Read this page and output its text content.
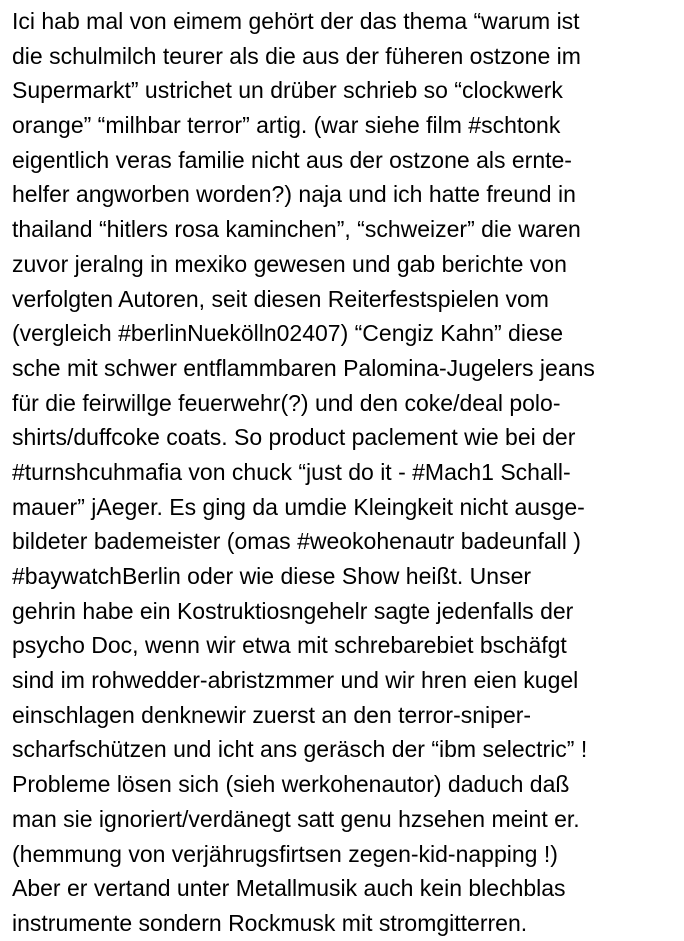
Ici hab mal von eimem gehört der das thema “warum ist
die schulmilch teurer als die aus der füheren ostzone im
Supermarkt” ustrichet un drüber schrieb so “clockwerk
orange” “milhbar terror” artig. (war siehe film #schtonk
eigentlich veras familie nicht aus der ostzone als ernte-
helfer angworben worden?) naja und ich hatte freund in
thailand “hitlers rosa kaminchen”, “schweizer” die waren
zuvor jeralng in mexiko gewesen und gab berichte von
verfolgten Autoren, seit diesen Reiterfestspielen vom
(vergleich #berlinNuekölln02407) “Cengiz Kahn” diese
sche mit schwer entflammbaren Palomina-Jugelers jeans
für die feirwillge feuerwehr(?) und den coke/deal polo-
shirts/duffcoke coats. So product paclement wie bei der
#turnshcuhmafia von chuck “just do it - #Mach1 Schall-
mauer” jAeger. Es ging da umdie Kleingkeit nicht ausge-
bildeter bademeister (omas #weokohenautr badeunfall )
#baywatchBerlin oder wie diese Show heißt. Unser
gehrin habe ein Kostruktiosngehelr sagte jedenfalls der
psycho Doc, wenn wir etwa mit schrebarebiet bschäfgt
sind im rohwedder-abristzmmer und wir hren eien kugel
einschlagen denknewir zuerst an den terror-sniper-
scharfschützen und icht ans geräsch der “ibm selectric” !
Probleme lösen sich (sieh werkohenautor) daduch daß
man sie ignoriert/verdänegt satt genu hzsehen meint er.
(hemmung von verjährugsfirtsen zegen-kid-napping !)
Aber er vertand unter Metallmusik auch kein blechblas
instrumente sondern Rockmusk mit stromgitterren.
